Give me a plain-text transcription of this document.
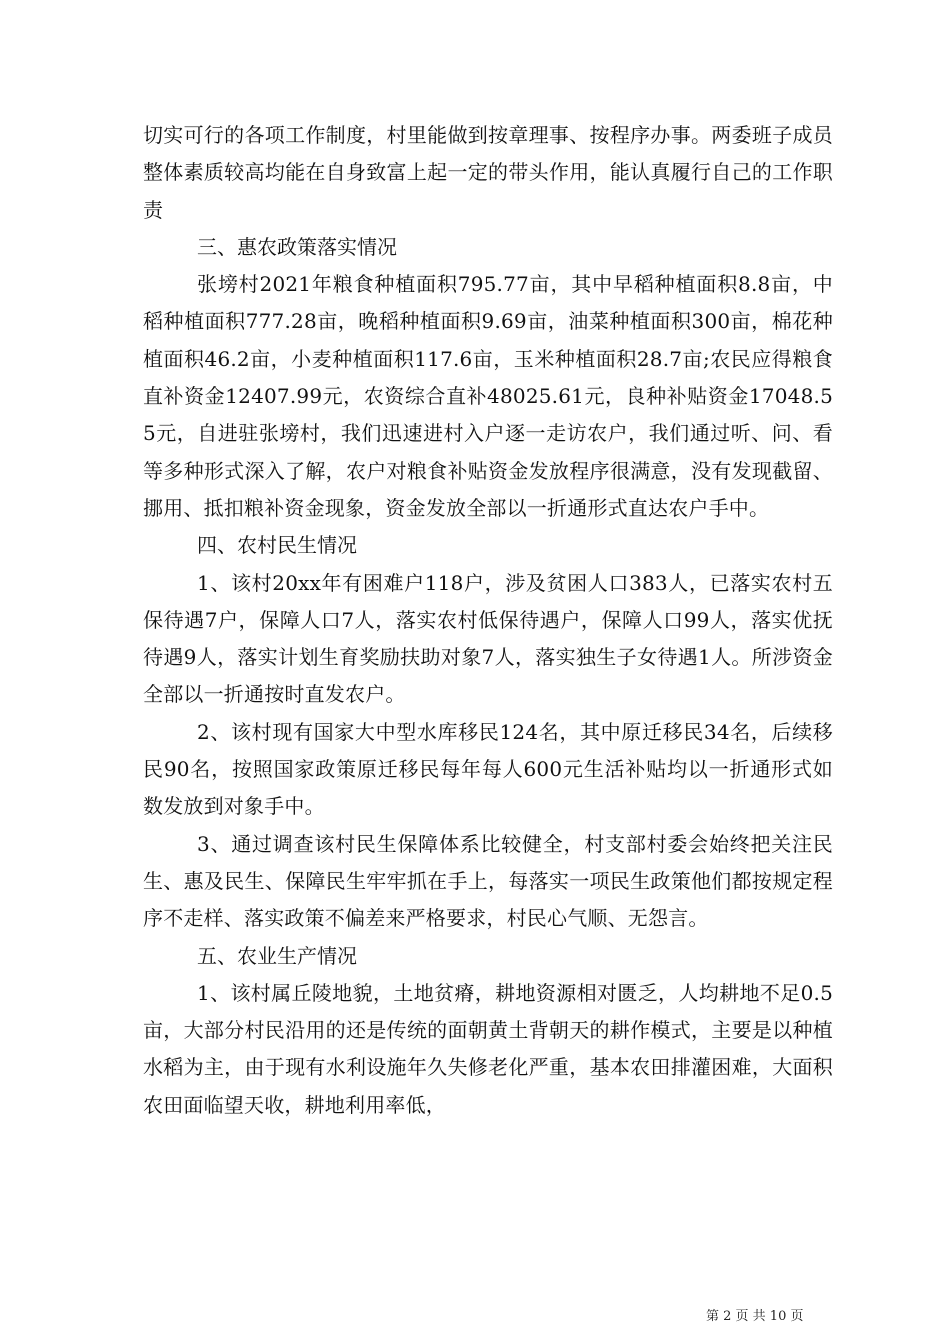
切实可行的各项工作制度，村里能做到按章理事、按程序办事。两委班子成员整体素质较高均能在自身致富上起一定的带头作用，能认真履行自己的工作职责

三、惠农政策落实情况

张塝村2021年粮食种植面积795.77亩，其中早稻种植面积8.8亩，中稻种植面积777.28亩，晚稻种植面积9.69亩，油菜种植面积300亩，棉花种植面积46.2亩，小麦种植面积117.6亩，玉米种植面积28.7亩;农民应得粮食直补资金12407.99元，农资综合直补48025.61元，良种补贴资金17048.55元，自进驻张塝村，我们迅速进村入户逐一走访农户，我们通过听、问、看等多种形式深入了解，农户对粮食补贴资金发放程序很满意，没有发现截留、挪用、抵扣粮补资金现象，资金发放全部以一折通形式直达农户手中。

四、农村民生情况

1、该村20xx年有困难户118户，涉及贫困人口383人，已落实农村五保待遇7户，保障人口7人，落实农村低保待遇户，保障人口99人，落实优抚待遇9人，落实计划生育奖励扶助对象7人，落实独生子女待遇1人。所涉资金全部以一折通按时直发农户。

2、该村现有国家大中型水库移民124名，其中原迁移民34名，后续移民90名，按照国家政策原迁移民每年每人600元生活补贴均以一折通形式如数发放到对象手中。

3、通过调查该村民生保障体系比较健全，村支部村委会始终把关注民生、惠及民生、保障民生牢牢抓在手上，每落实一项民生政策他们都按规定程序不走样、落实政策不偏差来严格要求，村民心气顺、无怨言。

五、农业生产情况

1、该村属丘陵地貌，土地贫瘠，耕地资源相对匮乏，人均耕地不足0.5亩，大部分村民沿用的还是传统的面朝黄土背朝天的耕作模式，主要是以种植水稻为主，由于现有水利设施年久失修老化严重，基本农田排灌困难，大面积农田面临望天收，耕地利用率低，

第 2 页 共 10 页
